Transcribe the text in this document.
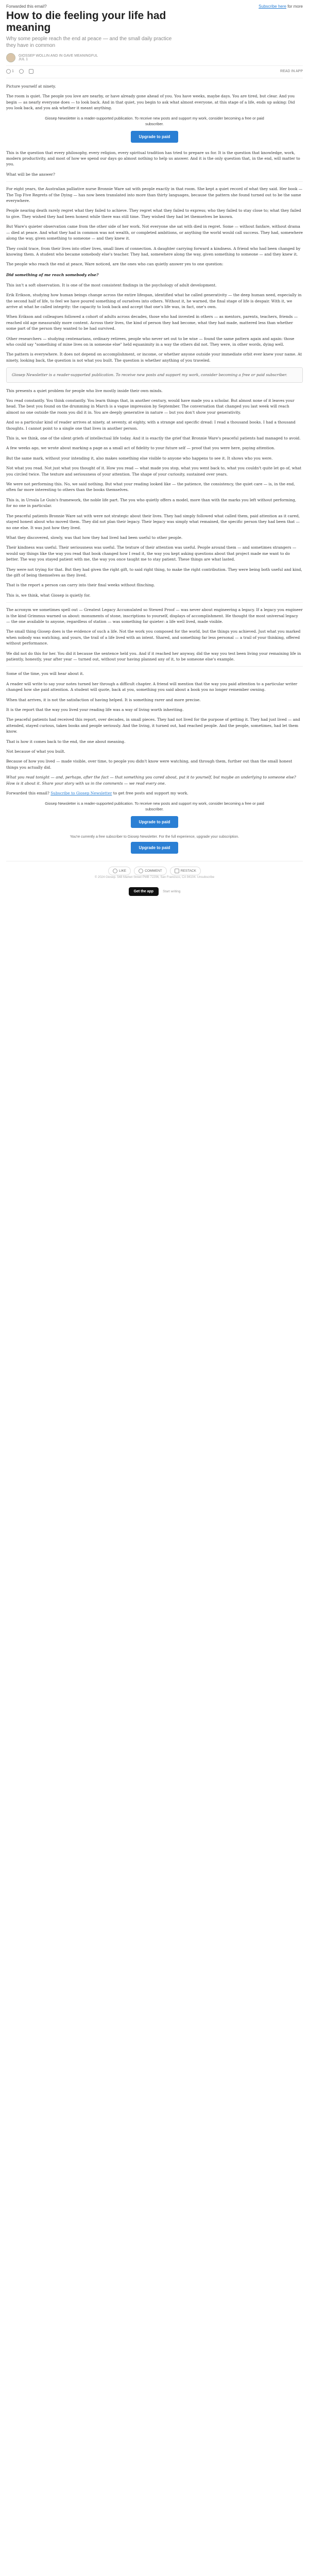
Forwarded this email?	Subscribe here for more
How to die feeling your life had meaning
Why some people reach the end at peace — and the small daily practice they have in common
GIOSSEP WOLLIN AND IN GAVE MEANINGFUL
JUL 1
1	READ IN APP

Picture yourself at ninety.

The room is quiet. The people you love are nearby, or have already gone ahead of you. You have weeks, maybe days. You are tired, but clear. And you begin — as nearly everyone does — to look back. And in that quiet, you begin to ask what almost everyone, at this stage of a life, ends up asking: Did you look back, and you ask whether it meant anything.

Giosep Newsletter is a reader-supported publication. To receive new posts and support my work, consider becoming a free or paid subscriber.
Upgrade to paid

This is the question that every philosophy, every religion, every spiritual tradition has tried to prepare us for. It is the question that knowledge, work, modern productivity, and most of how we spend our days go almost nothing to help us answer. And it is the only question that, in the end, will matter to you.

What will be the answer?

For eight years, the Australian palliative nurse Bronnie Ware sat with people exactly in that room. She kept a quiet record of what they said. Her book — The Top Five Regrets of the Dying — has now been translated into more than thirty languages, because the pattern she found turned out to be the same everywhere.

People nearing death rarely regret what they failed to achieve. They regret what they failed to express; who they failed to stay close to; what they failed to give. They wished they had been honest while there was still time. They wished they had let themselves be known.

But Ware's quieter observation came from the other side of her work. Not everyone she sat with died in regret. Some — without fanfare, without drama — died at peace. And what they had in common was not wealth, or completed ambitions, or anything the world would call success. They had, somewhere along the way, given something to someone — and they knew it.

They could trace, from their lives into other lives, small lines of connection. A daughter carrying forward a kindness. A friend who had been changed by knowing them. A student who became somebody else's teacher. They had, somewhere along the way, given something to someone — and they knew it.

The people who reach the end at peace, Ware noticed, are the ones who can quietly answer yes to one question:

Did something of me reach somebody else?

This isn't a soft observation. It is one of the most consistent findings in the psychology of adult development.

Erik Erikson, studying how human beings change across the entire lifespan, identified what he called generativity — the deep human need, especially in the second half of life, to feel we have poured something of ourselves into others. Without it, he warned, the final stage of life is despair. With it, we arrive at what he called integrity: the capacity to look back and accept that one's life was, in fact, one's own.

When Erikson and colleagues followed a cohort of adults across decades, those who had invested in others — as mentors, parents, teachers, friends — reached old age measurably more content. Across their lives, the kind of person they had become, what they had made, mattered less than whether some part of the person they wanted to be had survived.

Other researchers — studying centenarians, ordinary retirees, people who never set out to be wise — found the same pattern again and again: those who could say "something of mine lives on in someone else" held equanimity in a way the others did not. They were, in other words, dying well.

The pattern is everywhere. It does not depend on accomplishment, or income, or whether anyone outside your immediate orbit ever knew your name. At ninety, looking back, the question is not what you built. The question is whether anything of you traveled.

Giosep Newsletter is a reader-supported publication. To receive new posts and support my work, consider becoming a free or paid subscriber.

This presents a quiet problem for people who live mostly inside their own minds.

You read constantly. You think constantly. You learn things that, in another century, would have made you a scholar. But almost none of it leaves your head. The best you found on the drumming in March is a vague impression by September. The conversation that changed you last week will reach almost no one outside the room you did it in. You are deeply generative in nature — but you don't show your generativity.

And so a particular kind of reader arrives at ninety, at seventy, at eighty, with a strange and specific dread: I read a thousand books. I had a thousand thoughts. I cannot point to a single one that lives in another person.

This is, we think, one of the silent griefs of intellectual life today. And it is exactly the grief that Bronnie Ware's peaceful patients had managed to avoid.

A few weeks ago, we wrote about marking a page as a small act of fidelity to your future self — proof that you were here, paying attention.

But the same mark, without your intending it, also makes something else visible to anyone who happens to see it. It shows who you were.

Not what you read. Not just what you thought of it. How you read — what made you stop, what you went back to, what you couldn't quite let go of, what you circled twice. The texture and seriousness of your attention. The shape of your curiosity, sustained over years.

We were not performing this. No, we said nothing. But what your reading looked like — the patience, the consistency, the quiet care — is, in the end, often far more interesting to others than the books themselves.

This is, in Ursula Le Guin's framework, the noble life part. The you who quietly offers a model, more than with the marks you left without performing, for no one in particular.

The peaceful patients Bronnie Ware sat with were not strategic about their lives. They had simply followed what called them, paid attention as it cared, stayed honest about who moved them. They did not plan their legacy. Their legacy was simply what remained, the specific person they had been that — no one else. It was just how they lived.

What they discovered, slowly, was that how they had lived had been useful to other people.

Their kindness was useful. Their seriousness was useful. The texture of their attention was useful. People around them — and sometimes strangers — would say things like the way you read that book changed how I read it, the way you kept asking questions about that project made me want to do better. The way you stayed patient with me, the way you once taught me to stay patient. These things are what lasted.

They were not trying for that. But they had given the right gift, to said right thing, to make the right contribution. They were being both useful and kind, the gift of being themselves as they lived.

That is the report a person can carry into their final weeks without flinching.

This is, we think, what Giosep is quietly for.

The acronym we sometimes spell out — Greatest Legacy Accumulated so Stewed Proof — was never about engineering a legacy. If a legacy you engineer is the kind Grimmus warned us about: monuments of stone, inscriptions to yourself, displays of accomplishment. He thought the most universal legacy — the one available to anyone, regardless of station — was something far quieter: a life well lived, made visible.

The small thing Giosep does is the evidence of such a life. Not the work you composed for the world, but the things you achieved. Just what you marked when nobody was watching, and yours, the trail of a life lived with an intent. Shared, and something far less personal — a trail of your thinking, offered without performance.

We did not do this for her. You did it because the sentence held you. And if it reached her anyway, did the way you test been living your remaining life in patiently, honestly, year after year — turned out, without your having planned any of it, to be someone else's example.

Some of the time, you will hear about it.

A reader will write to say your notes turned her through a difficult chapter. A friend will mention that the way you paid attention to a particular writer changed how she paid attention. A student will quote, back at you, something you said about a book you no longer remember owning.

When that arrives, it is not the satisfaction of having helped. It is something rarer and more precise.

It is the report that the way you lived your reading life was a way of living worth inheriting.

The peaceful patients had received this report, over decades, in small pieces. They had not lived for the purpose of getting it. They had just lived — and attended, stayed curious, taken books and people seriously. And the living, it turned out, had reached people. And the people, sometimes, had let them know.

That is how it comes back to the end, the one about meaning.

Not because of what you built.

Because of how you lived — made visible, over time, to people you didn't know were watching, and through them, further out than the small honest things you actually did.

What you read tonight — and, perhaps, after the fact — that something you cared about, put it to yourself, but maybe an underlying to someone else? How is it about it. Share your story with us in the comments — we read every one.

Forwarded this email? Subscribe to Giosep Newsletter to get free posts and support my work.

Giosep Newsletter is a reader-supported publication. To receive new posts and support my work, consider becoming a free or paid subscriber.
Upgrade to paid
You're currently a free subscriber to Giosep Newsletter. For the full experience, upgrade your subscription.
Upgrade to paid
LIKE	COMMENT	RESTACK
© 2024 Giosep. 548 Market Street PMB 72296, San Francisco, CA 94104. Unsubscribe
Get the app	Start writing
